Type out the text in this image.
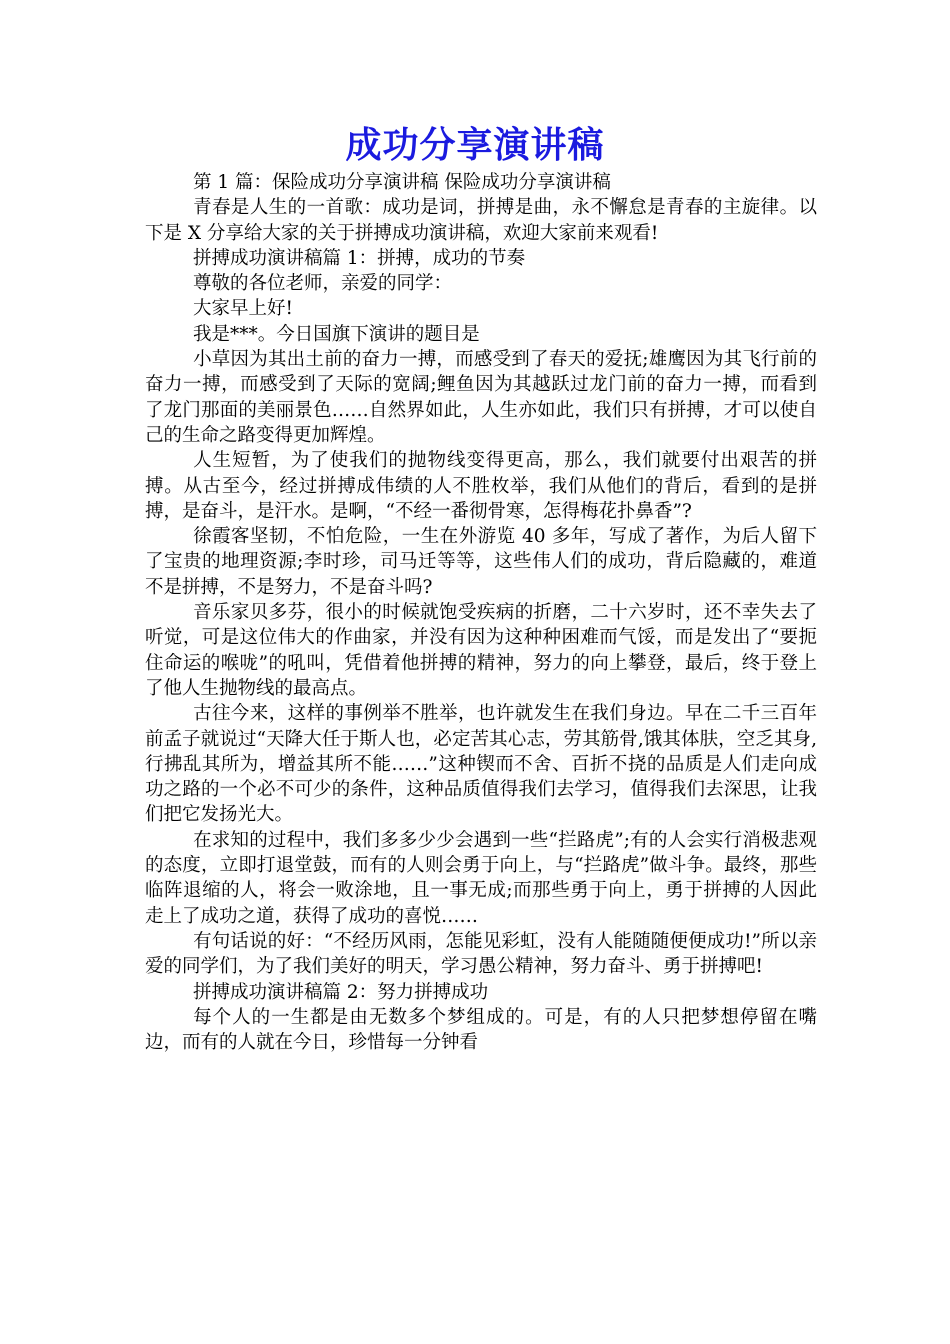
成功分享演讲稿

第 1 篇：保险成功分享演讲稿 保险成功分享演讲稿

青春是人生的一首歌：成功是词，拼搏是曲，永不懈怠是青春的主旋律。以下是 X 分享给大家的关于拼搏成功演讲稿，欢迎大家前来观看!

拼搏成功演讲稿篇 1：拼搏，成功的节奏

尊敬的各位老师，亲爱的同学：

大家早上好!

我是***。今日国旗下演讲的题目是

小草因为其出土前的奋力一搏，而感受到了春天的爱抚;雄鹰因为其飞行前的奋力一搏，而感受到了天际的宽阔;鲤鱼因为其越跃过龙门前的奋力一搏，而看到了龙门那面的美丽景色……自然界如此，人生亦如此，我们只有拼搏，才可以使自己的生命之路变得更加辉煌。

人生短暂，为了使我们的抛物线变得更高，那么，我们就要付出艰苦的拼搏。从古至今，经过拼搏成伟绩的人不胜枚举，我们从他们的背后，看到的是拼搏，是奋斗，是汗水。是啊，“不经一番彻骨寒，怎得梅花扑鼻香”?

徐霞客坚韧，不怕危险，一生在外游览 40 多年，写成了著作，为后人留下了宝贵的地理资源;李时珍，司马迁等等，这些伟人们的成功，背后隐藏的，难道不是拼搏，不是努力，不是奋斗吗?

音乐家贝多芬，很小的时候就饱受疾病的折磨，二十六岁时，还不幸失去了听觉，可是这位伟大的作曲家，并没有因为这种种困难而气馁，而是发出了“要扼住命运的喉咙”的吼叫，凭借着他拼搏的精神，努力的向上攀登，最后，终于登上了他人生抛物线的最高点。

古往今来，这样的事例举不胜举，也许就发生在我们身边。早在二千三百年前孟子就说过“天降大任于斯人也，必定苦其心志，劳其筋骨,饿其体肤，空乏其身,行拂乱其所为，增益其所不能……”这种锲而不舍、百折不挠的品质是人们走向成功之路的一个必不可少的条件，这种品质值得我们去学习，值得我们去深思，让我们把它发扬光大。

在求知的过程中，我们多多少少会遇到一些“拦路虎”;有的人会实行消极悲观的态度，立即打退堂鼓，而有的人则会勇于向上，与“拦路虎”做斗争。最终，那些临阵退缩的人，将会一败涂地，且一事无成;而那些勇于向上，勇于拼搏的人因此走上了成功之道，获得了成功的喜悦……

有句话说的好：“不经历风雨，怎能见彩虹，没有人能随随便便成功!”所以亲爱的同学们，为了我们美好的明天，学习愚公精神，努力奋斗、勇于拼搏吧!

拼搏成功演讲稿篇 2：努力拼搏成功

每个人的一生都是由无数多个梦组成的。可是，有的人只把梦想停留在嘴边，而有的人就在今日，珍惜每一分钟看
